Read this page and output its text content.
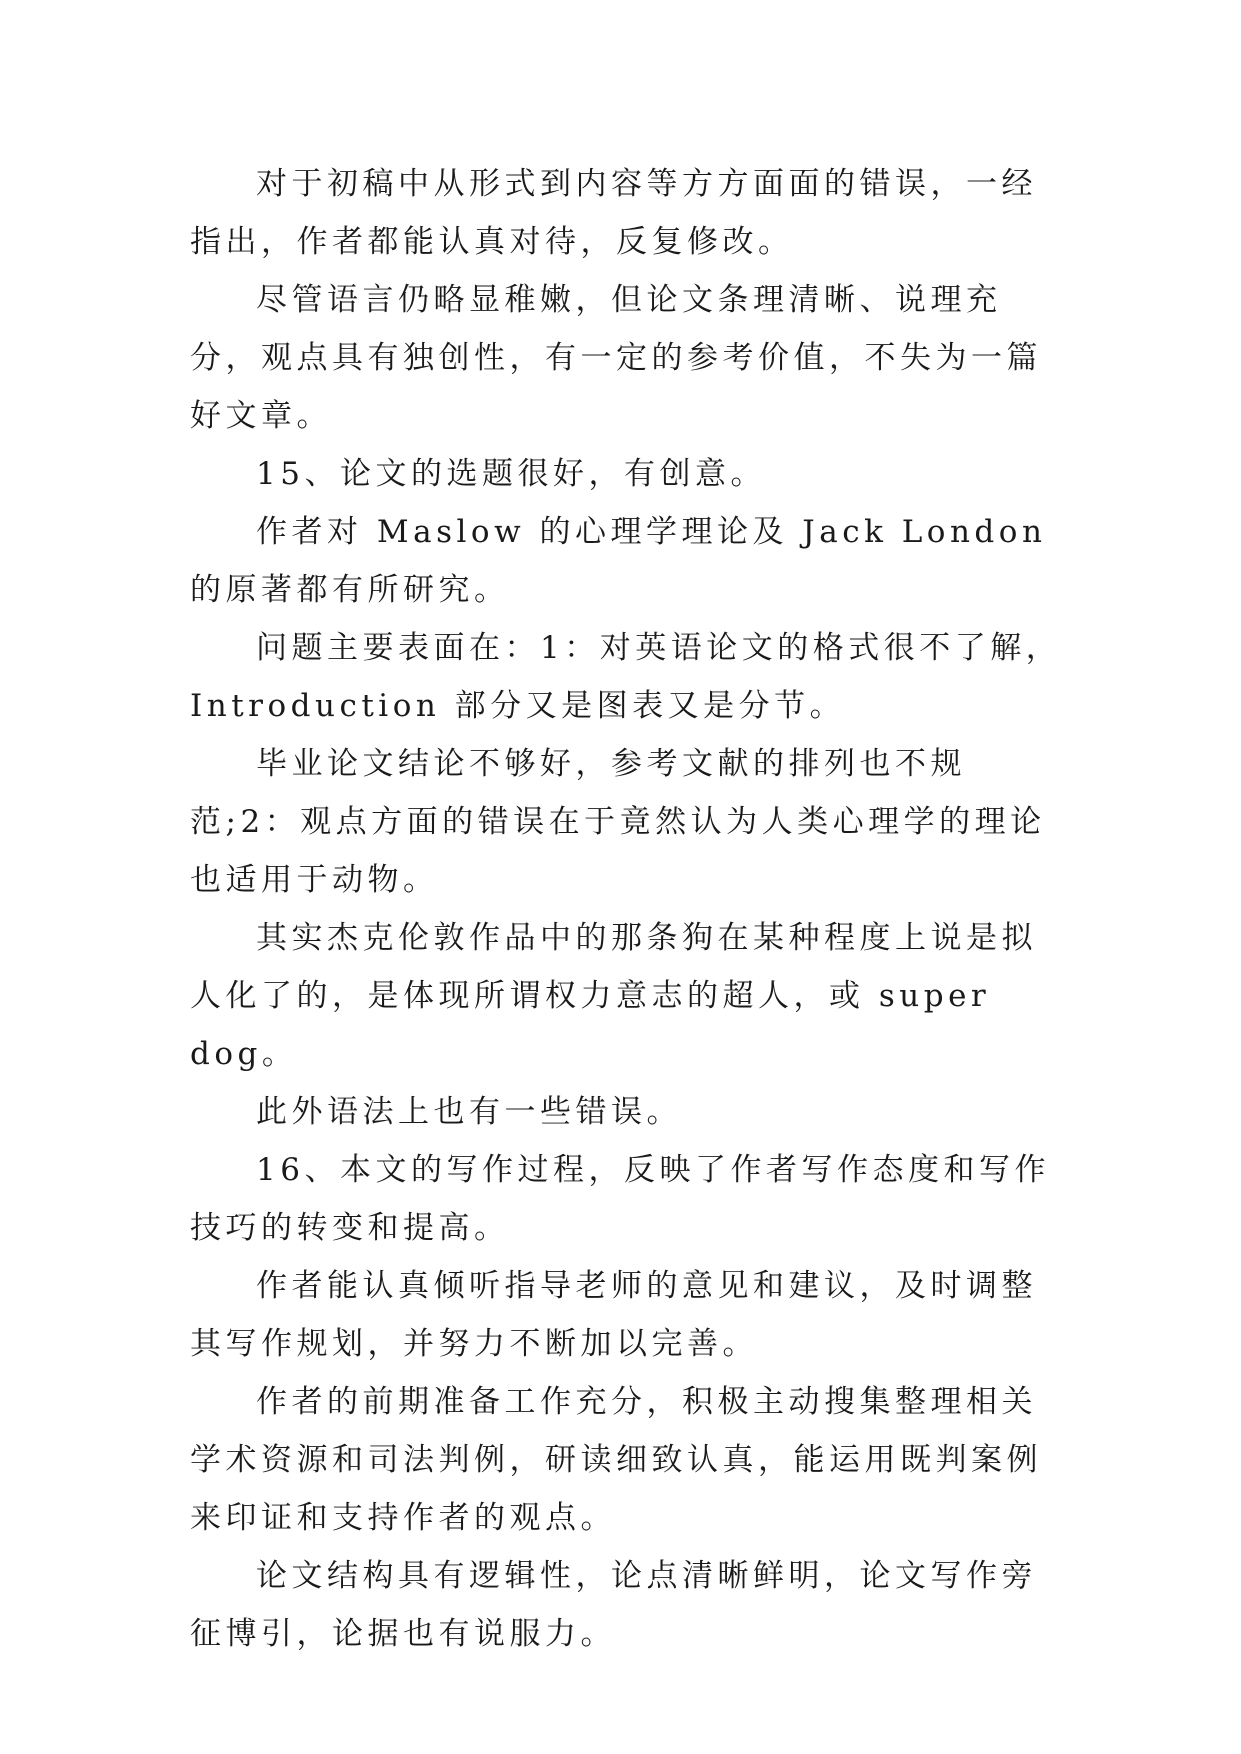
对于初稿中从形式到内容等方方面面的错误，一经指出，作者都能认真对待，反复修改。

尽管语言仍略显稚嫩，但论文条理清晰、说理充分，观点具有独创性，有一定的参考价值，不失为一篇好文章。

15、论文的选题很好，有创意。

作者对 Maslow 的心理学理论及 Jack London 的原著都有所研究。

问题主要表面在：1：对英语论文的格式很不了解，Introduction 部分又是图表又是分节。

毕业论文结论不够好，参考文献的排列也不规范;2：观点方面的错误在于竟然认为人类心理学的理论也适用于动物。

其实杰克伦敦作品中的那条狗在某种程度上说是拟人化了的，是体现所谓权力意志的超人，或 super dog。

此外语法上也有一些错误。

16、本文的写作过程，反映了作者写作态度和写作技巧的转变和提高。

作者能认真倾听指导老师的意见和建议，及时调整其写作规划，并努力不断加以完善。

作者的前期准备工作充分，积极主动搜集整理相关学术资源和司法判例，研读细致认真，能运用既判案例来印证和支持作者的观点。

论文结构具有逻辑性，论点清晰鲜明，论文写作旁征博引，论据也有说服力。
